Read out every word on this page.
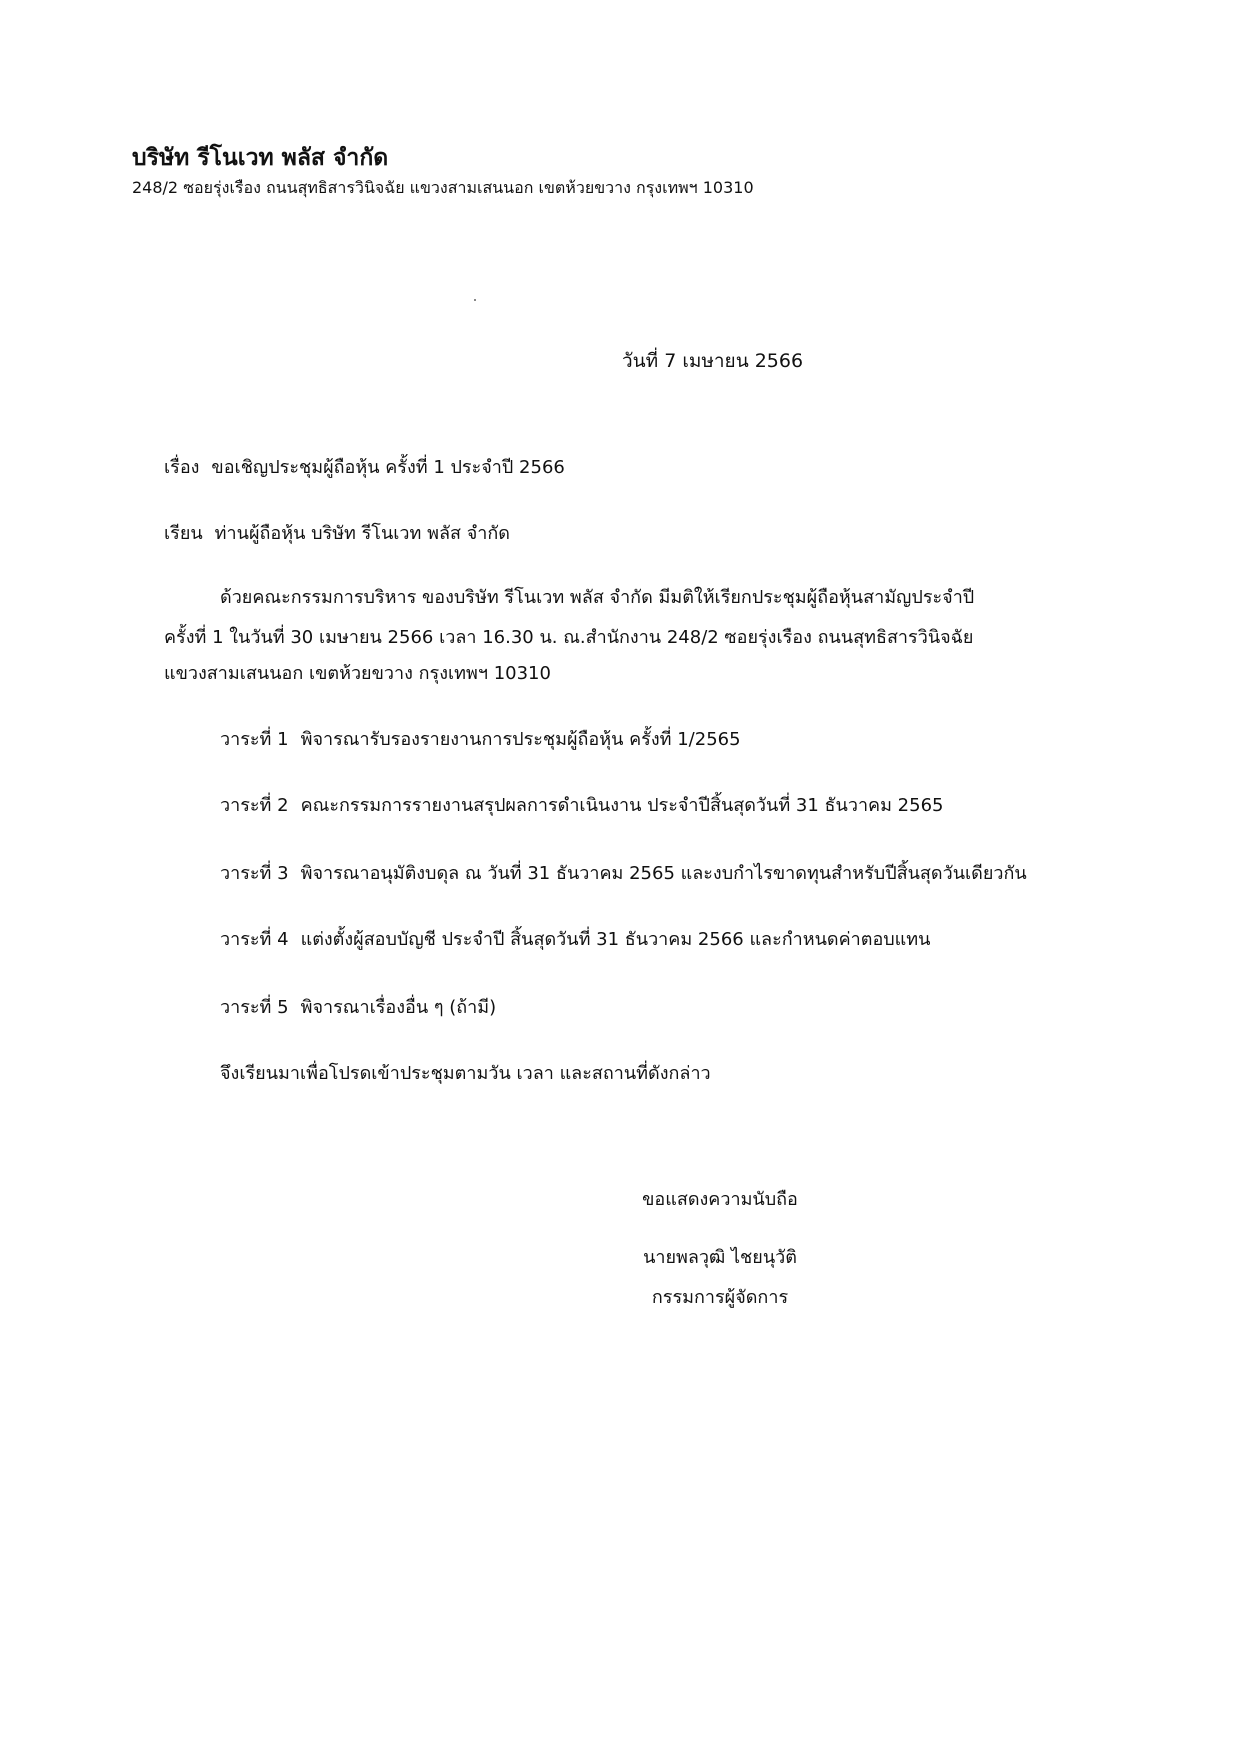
บริษัท รีโนเวท พลัส จำกัด
248/2 ซอยรุ่งเรือง ถนนสุทธิสารวินิจฉัย แขวงสามเสนนอก เขตห้วยขวาง กรุงเทพฯ 10310
วันที่ 7 เมษายน 2566
เรื่อง ขอเชิญประชุมผู้ถือหุ้น ครั้งที่ 1 ประจำปี 2566
เรียน ท่านผู้ถือหุ้น บริษัท รีโนเวท พลัส จำกัด
ด้วยคณะกรรมการบริหาร ของบริษัท รีโนเวท พลัส จำกัด มีมติให้เรียกประชุมผู้ถือหุ้นสามัญประจำปี
ครั้งที่ 1 ในวันที่ 30 เมษายน 2566 เวลา 16.30 น. ณ.สำนักงาน 248/2 ซอยรุ่งเรือง ถนนสุทธิสารวินิจฉัย
แขวงสามเสนนอก เขตห้วยขวาง กรุงเทพฯ 10310
วาระที่ 1 พิจารณารับรองรายงานการประชุมผู้ถือหุ้น ครั้งที่ 1/2565
วาระที่ 2 คณะกรรมการรายงานสรุปผลการดำเนินงาน ประจำปีสิ้นสุดวันที่ 31 ธันวาคม 2565
วาระที่ 3 พิจารณาอนุมัติงบดุล ณ วันที่ 31 ธันวาคม 2565 และงบกำไรขาดทุนสำหรับปีสิ้นสุดวันเดียวกัน
วาระที่ 4 แต่งตั้งผู้สอบบัญชี ประจำปี สิ้นสุดวันที่ 31 ธันวาคม 2566 และกำหนดค่าตอบแทน
วาระที่ 5 พิจารณาเรื่องอื่น ๆ (ถ้ามี)
จึงเรียนมาเพื่อโปรดเข้าประชุมตามวัน เวลา และสถานที่ดังกล่าว
ขอแสดงความนับถือ
นายพลวุฒิ ไชยนุวัติ
กรรมการผู้จัดการ
